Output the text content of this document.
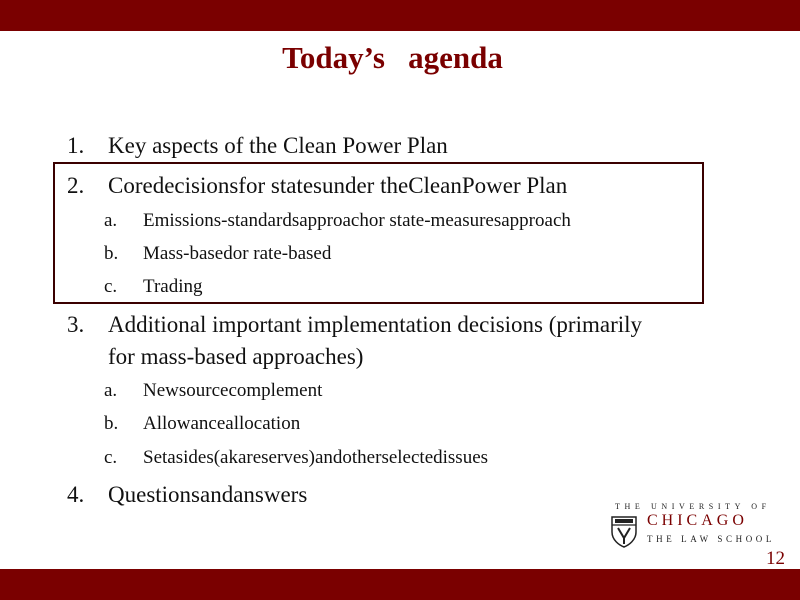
Today’s   agenda
1. Key aspects of the Clean Power Plan
2. Coredecisionsfor statesunder theCleanPower Plan
a. Emissions-standardsapproachor state-measuresapproach
b. Mass-basedor rate-based
c. Trading
3. Additional important implementation decisions (primarily
for mass-based approaches)
a. Newsourcecomplement
b. Allowanceallocation
c. Setasides(akareserves)andotherselectedissues
4. Questionsandanswers	THE UNIVERSITY OF
CHICAGO
THE LAW SCHOOL
12
